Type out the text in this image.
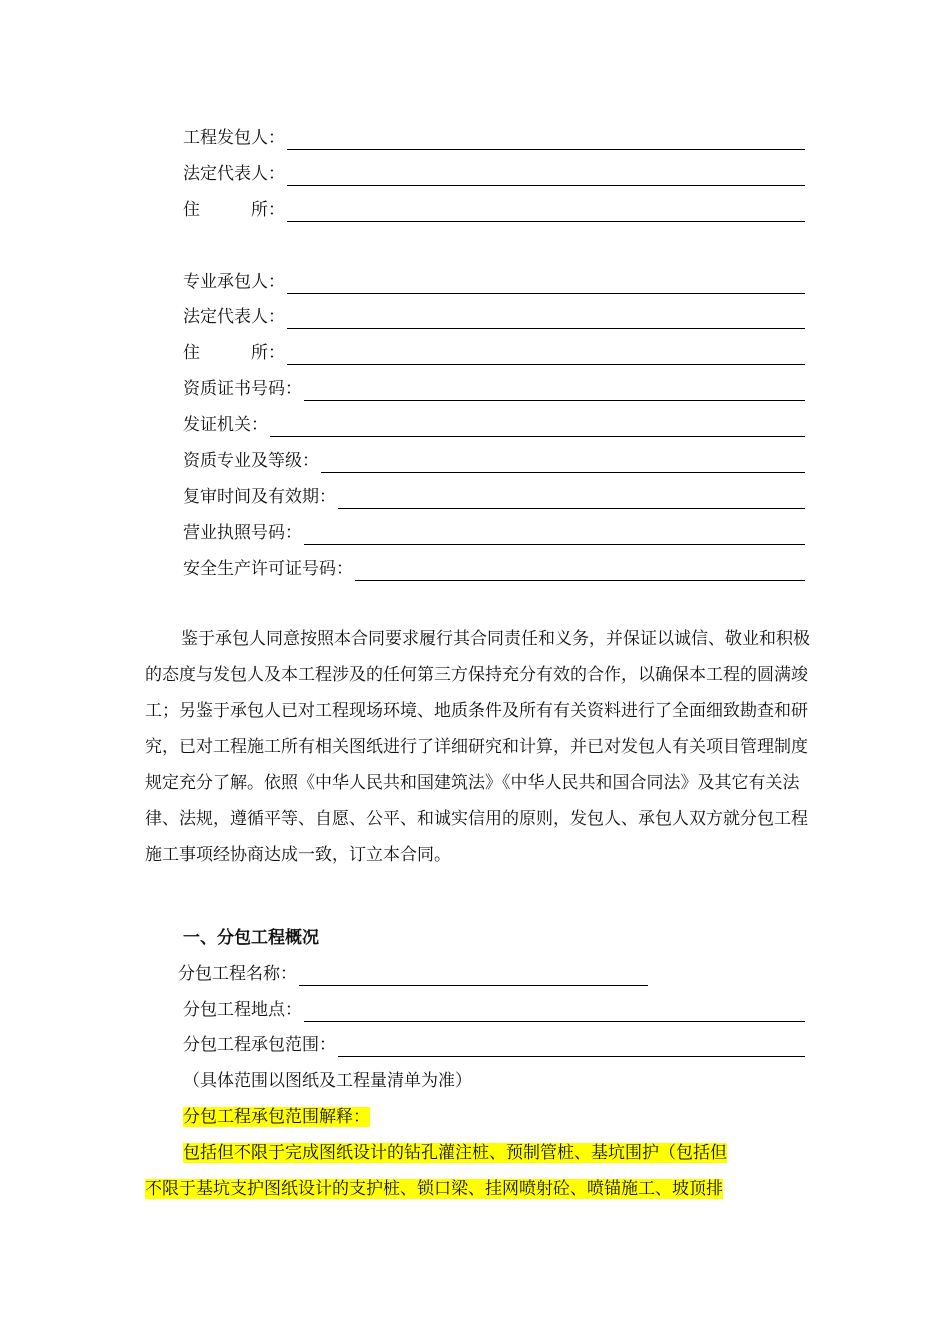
工程发包人：
法定代表人：
住　　　所：
专业承包人：
法定代表人：
住　　　所：
资质证书号码：
发证机关：
资质专业及等级：
复审时间及有效期：
营业执照号码：
安全生产许可证号码：

鉴于承包人同意按照本合同要求履行其合同责任和义务，并保证以诚信、敬业和积极的态度与发包人及本工程涉及的任何第三方保持充分有效的合作，以确保本工程的圆满竣工；另鉴于承包人已对工程现场环境、地质条件及所有有关资料进行了全面细致勘查和研究，已对工程施工所有相关图纸进行了详细研究和计算，并已对发包人有关项目管理制度规定充分了解。依照《中华人民共和国建筑法》《中华人民共和国合同法》及其它有关法律、法规，遵循平等、自愿、公平、和诚实信用的原则，发包人、承包人双方就分包工程施工事项经协商达成一致，订立本合同。

一、分包工程概况
分包工程名称：
分包工程地点：
分包工程承包范围：
（具体范围以图纸及工程量清单为准）
分包工程承包范围解释：
包括但不限于完成图纸设计的钻孔灌注桩、预制管桩、基坑围护（包括但
不限于基坑支护图纸设计的支护桩、锁口梁、挂网喷射砼、喷锚施工、坡顶排
